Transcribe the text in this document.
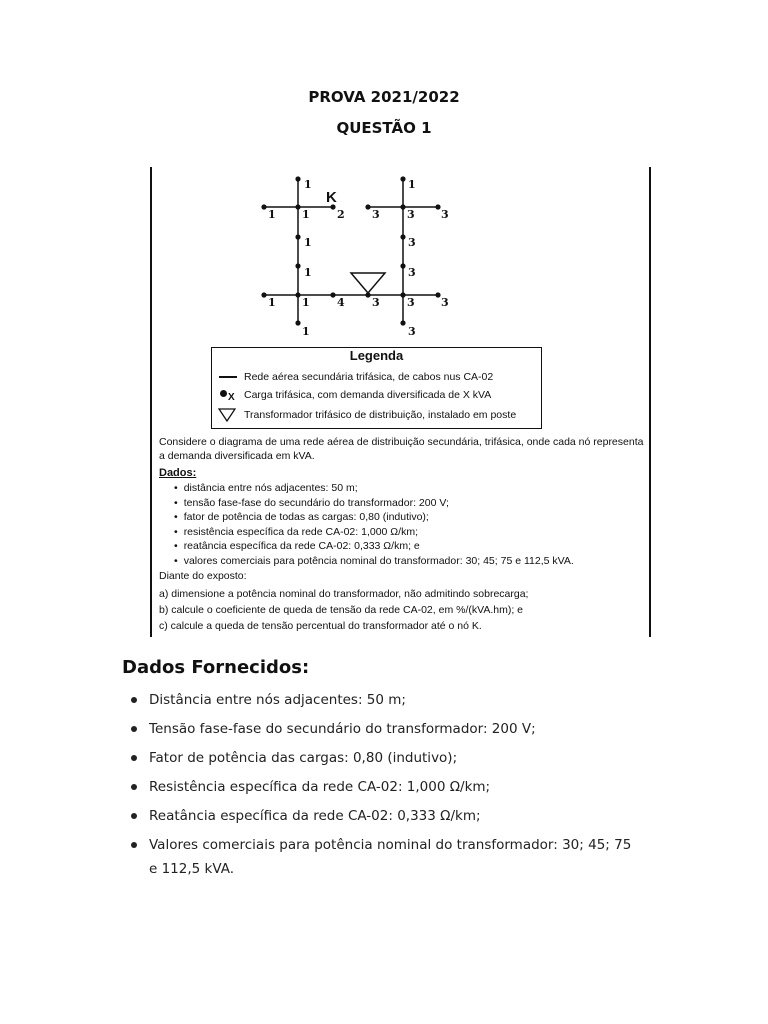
PROVA 2021/2022
QUESTÃO 1
1
1 1 2
1
1
1 1 4 3
1
1
3 3 3
3
3
3 3
3
K
Legenda
Rede aérea secundária trifásica, de cabos nus CA-02
X Carga trifásica, com demanda diversificada de X kVA
Transformador trifásico de distribuição, instalado em poste
Considere o diagrama de uma rede aérea de distribuição secundária, trifásica, onde cada nó representa a demanda diversificada em kVA.
Dados:
• distância entre nós adjacentes: 50 m;
• tensão fase-fase do secundário do transformador: 200 V;
• fator de potência de todas as cargas: 0,80 (indutivo);
• resistência específica da rede CA-02: 1,000 Ω/km;
• reatância específica da rede CA-02: 0,333 Ω/km; e
• valores comerciais para potência nominal do transformador: 30; 45; 75 e 112,5 kVA.
Diante do exposto:
a) dimensione a potência nominal do transformador, não admitindo sobrecarga;
b) calcule o coeficiente de queda de tensão da rede CA-02, em %/(kVA.hm); e
c) calcule a queda de tensão percentual do transformador até o nó K.
Dados Fornecidos:
Distância entre nós adjacentes: 50 m;
Tensão fase-fase do secundário do transformador: 200 V;
Fator de potência das cargas: 0,80 (indutivo);
Resistência específica da rede CA-02: 1,000 Ω/km;
Reatância específica da rede CA-02: 0,333 Ω/km;
Valores comerciais para potência nominal do transformador: 30; 45; 75 e 112,5 kVA.
